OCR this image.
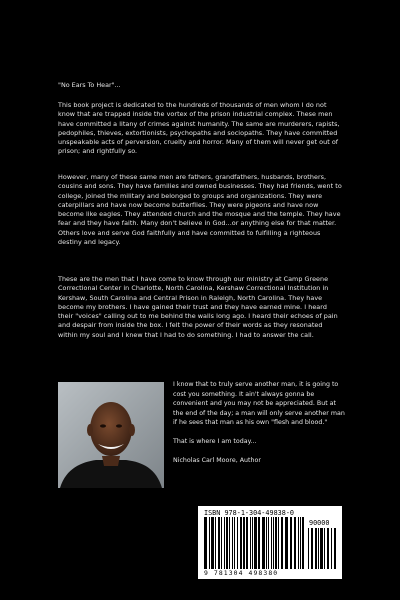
"No Ears To Hear"...

This book project is dedicated to the hundreds of thousands of men whom I do not know that are trapped inside the vortex of the prison industrial complex. These men have committed a litany of crimes against humanity. The same are murderers, rapists, pedophiles, thieves, extortionists, psychopaths and sociopaths. They have committed unspeakable acts of perversion, cruelty and horror. Many of them will never get out of prison; and rightfully so.

However, many of these same men are fathers, grandfathers, husbands, brothers, cousins and sons. They have families and owned businesses. They had friends, went to college, joined the military and belonged to groups and organizations. They were caterpillars and have now become butterflies. They were pigeons and have now become like eagles. They attended church and the mosque and the temple. They have fear and they have faith. Many don't believe in God...or anything else for that matter. Others love and serve God faithfully and have committed to fulfilling a righteous destiny and legacy.

These are the men that I have come to know through our ministry at Camp Greene Correctional Center in Charlotte, North Carolina, Kershaw Correctional Institution in Kershaw, South Carolina and Central Prison in Raleigh, North Carolina. They have become my brothers. I have gained their trust and they have earned mine. I heard their "voices" calling out to me behind the walls long ago. I heard their echoes of pain and despair from inside the box. I felt the power of their words as they resonated within my soul and I knew that I had to do something. I had to answer the call.

I know that to truly serve another man, it is going to cost you something. It ain't always gonna be convenient and you may not be appreciated. But at the end of the day; a man will only serve another man if he sees that man as his own "flesh and blood."

That is where I am today...

Nicholas Carl Moore, Author

ISBN 978-1-304-49838-0
90000
9 781304 498380
